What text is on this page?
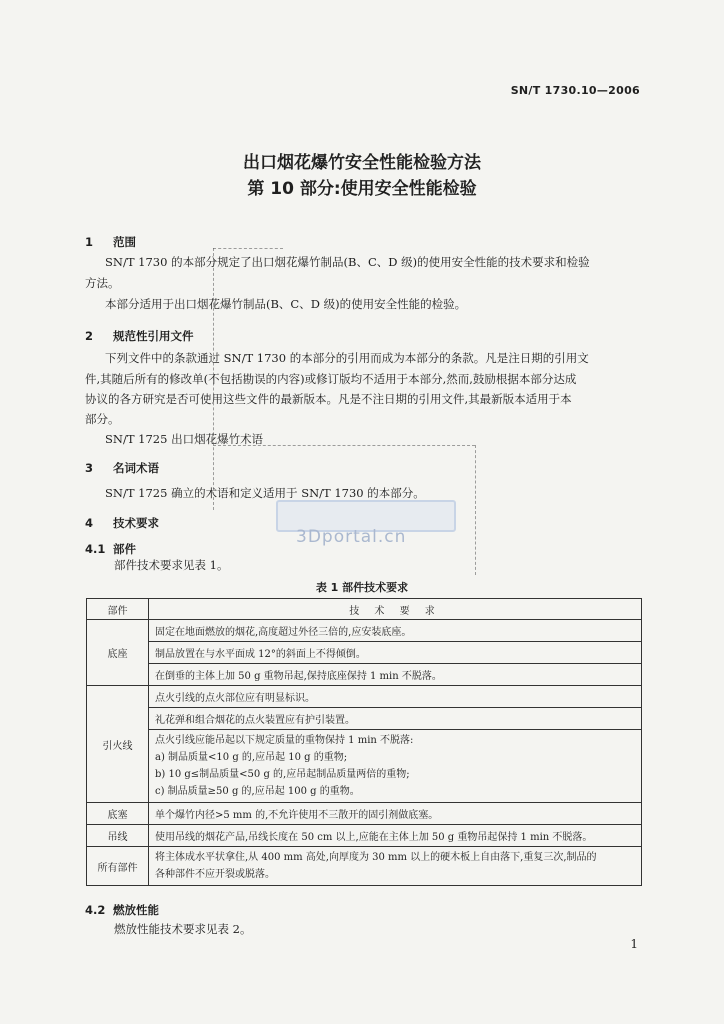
SN/T 1730.10—2006
出口烟花爆竹安全性能检验方法
第 10 部分:使用安全性能检验
1 范围
SN/T 1730 的本部分规定了出口烟花爆竹制品(B、C、D 级)的使用安全性能的技术要求和检验
方法。
本部分适用于出口烟花爆竹制品(B、C、D 级)的使用安全性能的检验。
2 规范性引用文件
下列文件中的条款通过 SN/T 1730 的本部分的引用而成为本部分的条款。凡是注日期的引用文
件,其随后所有的修改单(不包括勘误的内容)或修订版均不适用于本部分,然而,鼓励根据本部分达成
协议的各方研究是否可使用这些文件的最新版本。凡是不注日期的引用文件,其最新版本适用于本
部分。
SN/T 1725 出口烟花爆竹术语
3 名词术语
SN/T 1725 确立的术语和定义适用于 SN/T 1730 的本部分。
4 技术要求
4.1 部件
部件技术要求见表 1。
3Dportal.cn
表 1 部件技术要求
部件	技 术 要 求
底座	固定在地面燃放的烟花,高度超过外径三倍的,应安装底座。
	制品放置在与水平面成 12°的斜面上不得倾倒。
	在倒垂的主体上加 50 g 重物吊起,保持底座保持 1 min 不脱落。
引火线	点火引线的点火部位应有明显标识。
	礼花弹和组合烟花的点火装置应有护引装置。

	点火引线应能吊起以下规定质量的重物保持 1 min 不脱落:
a) 制品质量<10 g 的,应吊起 10 g 的重物;
b) 10 g≤制品质量<50 g 的,应吊起制品质量两倍的重物;
c) 制品质量≥50 g 的,应吊起 100 g 的重物。

底塞	单个爆竹内径>5 mm 的,不允许使用不三散开的固引剂做底塞。
吊线	使用吊线的烟花产品,吊线长度在 50 cm 以上,应能在主体上加 50 g 重物吊起保持 1 min 不脱落。
所有部件	将主体成水平状拿住,从 400 mm 高处,向厚度为 30 mm 以上的硬木板上自由落下,重复三次,制品的
各种部件不应开裂或脱落。
4.2 燃放性能
燃放性能技术要求见表 2。
1
